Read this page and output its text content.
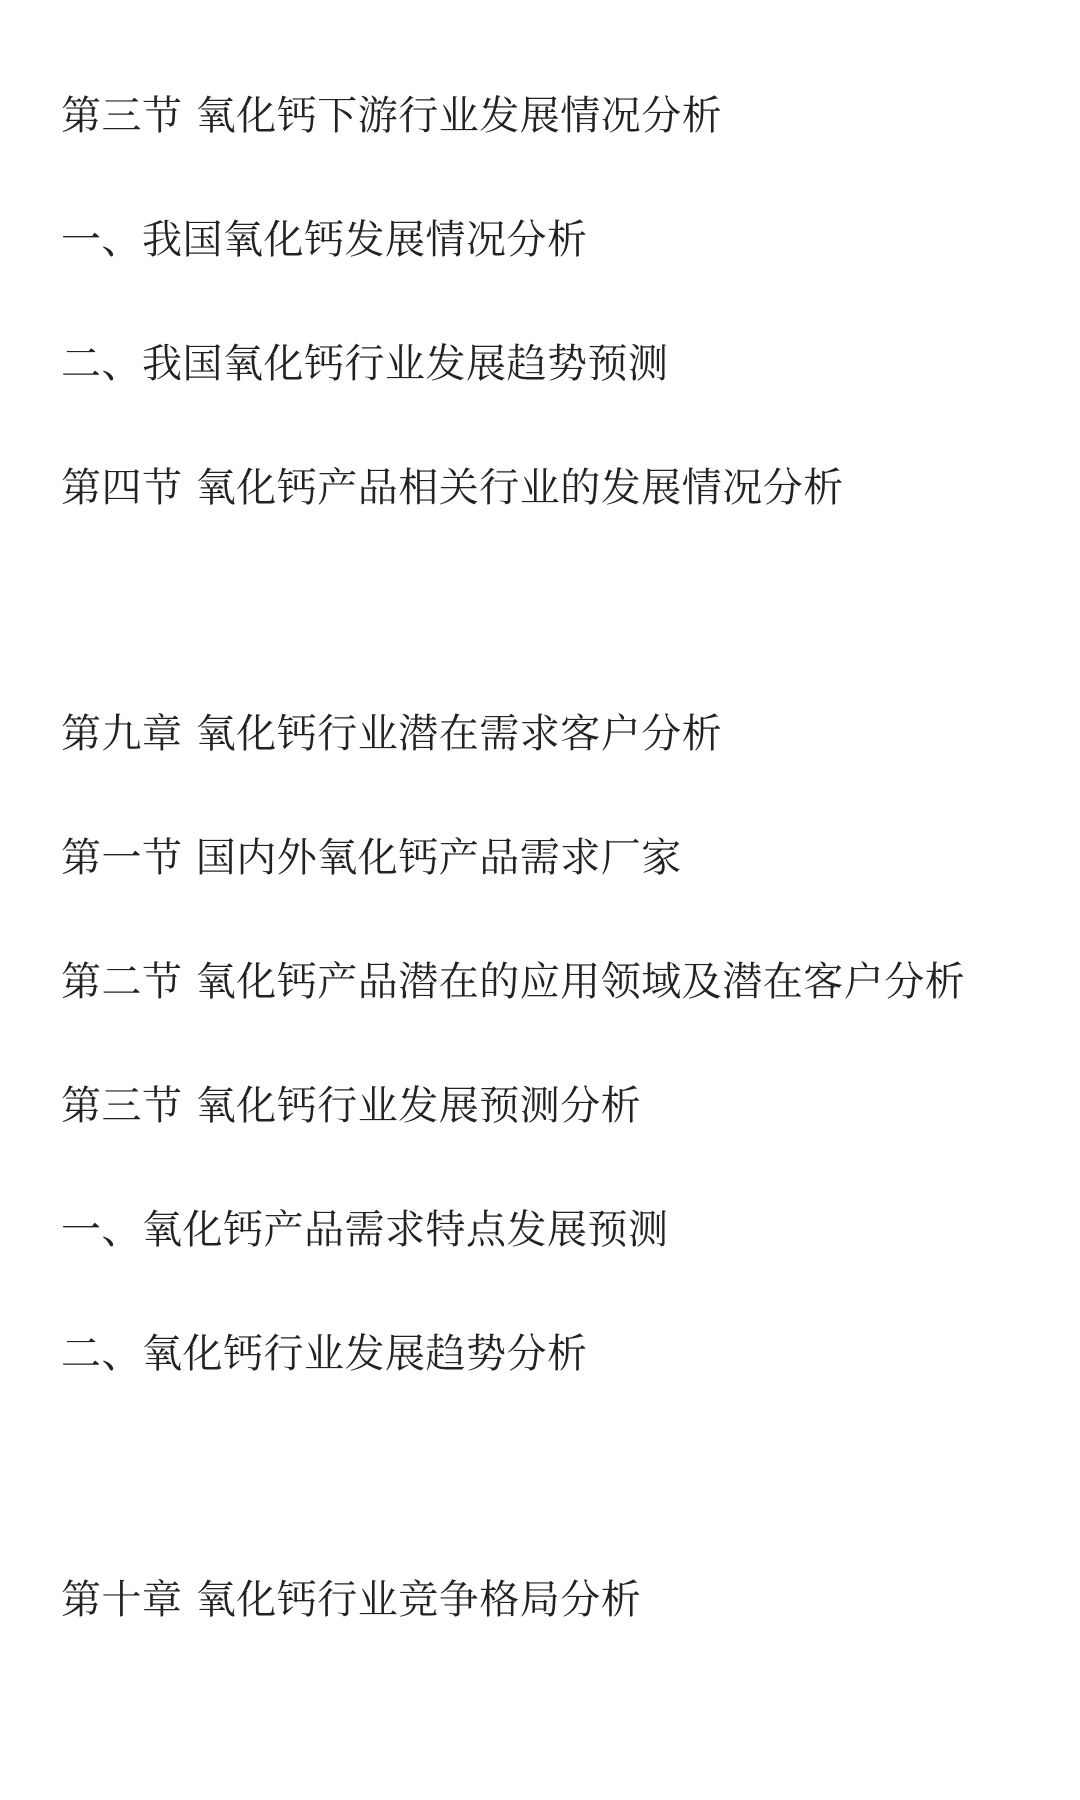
第三节 氧化钙下游行业发展情况分析
一、我国氧化钙发展情况分析
二、我国氧化钙行业发展趋势预测
第四节 氧化钙产品相关行业的发展情况分析
第九章 氧化钙行业潜在需求客户分析
第一节 国内外氧化钙产品需求厂家
第二节 氧化钙产品潜在的应用领域及潜在客户分析
第三节 氧化钙行业发展预测分析
一、氧化钙产品需求特点发展预测
二、氧化钙行业发展趋势分析
第十章 氧化钙行业竞争格局分析
